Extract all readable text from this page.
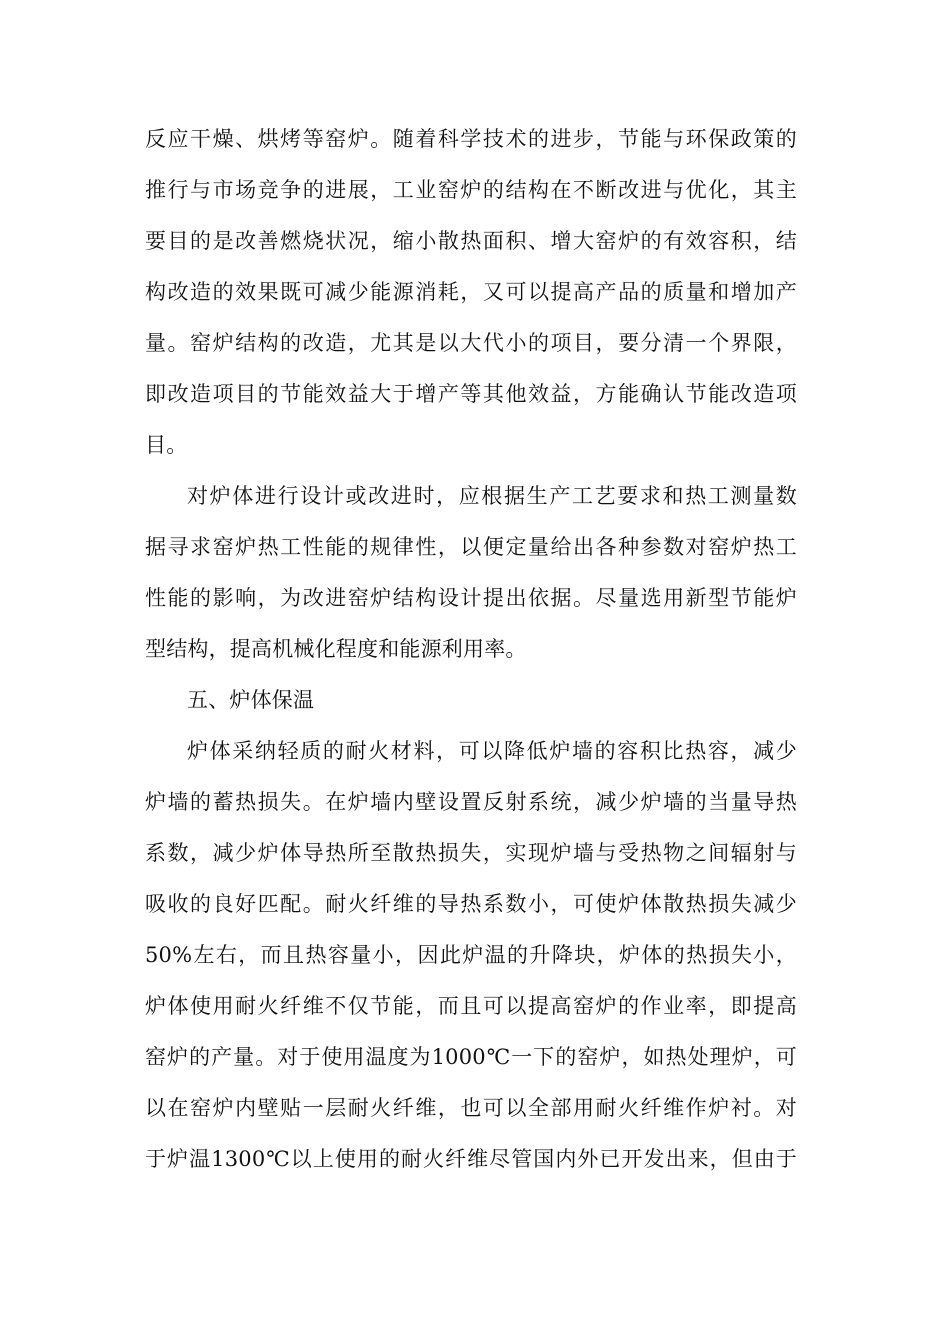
反应干燥、烘烤等窑炉。随着科学技术的进步，节能与环保政策的
推行与市场竞争的进展，工业窑炉的结构在不断改进与优化，其主
要目的是改善燃烧状况，缩小散热面积、增大窑炉的有效容积，结
构改造的效果既可减少能源消耗，又可以提高产品的质量和增加产
量。窑炉结构的改造，尤其是以大代小的项目，要分清一个界限，
即改造项目的节能效益大于增产等其他效益，方能确认节能改造项
目。
对炉体进行设计或改进时，应根据生产工艺要求和热工测量数
据寻求窑炉热工性能的规律性，以便定量给出各种参数对窑炉热工
性能的影响，为改进窑炉结构设计提出依据。尽量选用新型节能炉
型结构，提高机械化程度和能源利用率。
五、炉体保温
炉体采纳轻质的耐火材料，可以降低炉墙的容积比热容，减少
炉墙的蓄热损失。在炉墙内壁设置反射系统，减少炉墙的当量导热
系数，减少炉体导热所至散热损失，实现炉墙与受热物之间辐射与
吸收的良好匹配。耐火纤维的导热系数小，可使炉体散热损失减少
50%左右，而且热容量小，因此炉温的升降块，炉体的热损失小，
炉体使用耐火纤维不仅节能，而且可以提高窑炉的作业率，即提高
窑炉的产量。对于使用温度为1000℃一下的窑炉，如热处理炉，可
以在窑炉内壁贴一层耐火纤维，也可以全部用耐火纤维作炉衬。对
于炉温1300℃以上使用的耐火纤维尽管国内外已开发出来，但由于
